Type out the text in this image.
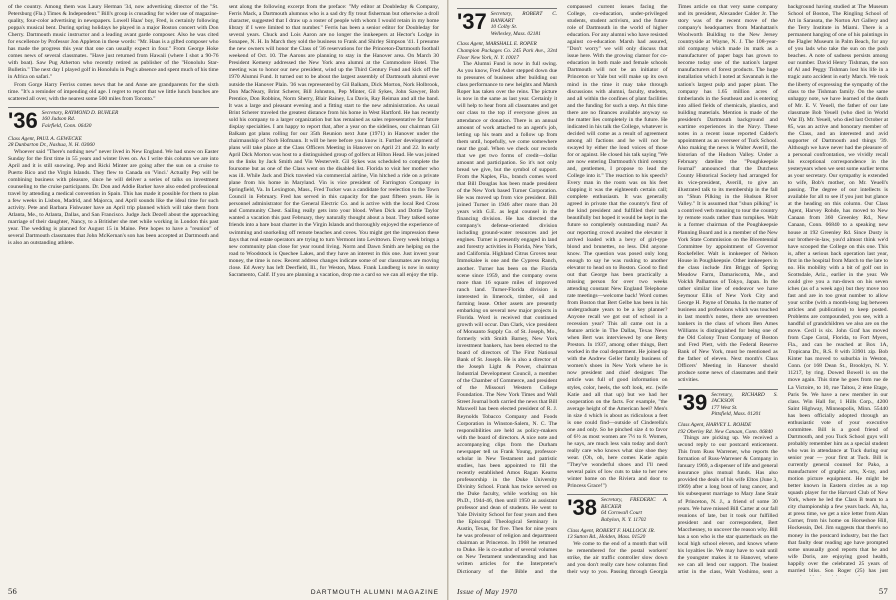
of the country. Among them was Laury Herman '34, now advertising director of the "St. Petersburg (Fla.) Times & Independent." Bill's group is crusading for wider use of magazine-quality, four-color advertising in newspapers. Lowell Haas' boy, Fred, is certainly following poppa's musical bent. During spring holidays he played in a major Boston concert with Don Cherry. Dartmouth music instructor and a leading avant garde composer. Also he was cited for excellence by Professor Jon Appleton in these words: "Mr. Haas is a gifted composer who has made the progress this year that one can usually expect in four." From George Hoke comes news of several classmates. "Have just returned from Hawaii (where I shot a 90-76 with boat). Saw Pug Atherton who recently retired as publisher of the "Honolulu Star-Bulletin." The next day I played golf in Honolulu in Pug's absence and spent much of his time in Africa on safari."

From Gorge Harry Ferriss comes news that he and Anne are grandparents for the sixth time. "It's a reminder of impending old age. I regret to report that we little lunch bunches are scattered all over, with the nearest some 500 miles from Toronto."

'36 Secretary, RAYMOND D. BUHLER
160 Judson Rd.
Fairfield, Conn. 06430
Class Agent, PAUL A. GEWECKE
28 Dunbarton Dr., Nashua, N. H. 03060

Whoever said "There's nothing new" never lived in New England. We had snow on Easter Sunday for the first time in 55 years and winter lives on. As I write this column we are into April and it is still snowing. Pep and Ricki Minter are going after the sun on a cruise to Puerto Rico and the Virgin Islands. They flew to Canada on 'Vinci.' Actually Pep will be combining business with pleasure, since he will deliver a series of talks on investment counseling to the cruise participants. Dr. Don and Addie Barker have also ended professional travel by attending a medical convention in Spain. This has made it possible for them to plan a few weeks in Lisbon, Madrid, and Majorca, and April sounds like the ideal time for such activity. Pete and Barbara Fishwater have an April trip planned which will take them from Atlanta, Me., to Atlanta, Dallas, and San Francisco. Judge Jack Dezell about the approaching marriage of their daughter, Nancy, to a Britisher she met while working in London this past year. The wedding is planned for August 15 in Maine. Pete hopes to have a "reunion" of several Dartmouth classmates that John McKernan's son has been accepted at Dartmouth and is also an outstanding athlete.

sent along the following excerpt from the preface: "My editor at Doubleday & Company, Ferris Mack, a Dartmouth alumnus who is a sad dry fly trout fisherman but otherwise a droll character, suggested that I draw up a roster of people with whom I would retain in my home library if I were limited to that number." Ferris has been a senior editor for Doubleday for several years. Chuck and Lois Aaron are no longer the innkeepers at Hector's Lodge in Sonapee, N. H. In March they sold the business to Frank and Shirley Simpson '41. I presume the new owners will honor the Class of '36 reservations for the Princeton-Dartmouth football weekend of Oct. 10. The Aarons are planning to stay in the Hanover area. On March 30 President Kemeny addressed the New York area alumni at the Commodore Hotel. The meeting was to honor our new president, wind up the Third Century Fund and kick off the 1970 Alumni Fund. It turned out to be about the largest assembly of Dartmouth alumni ever outside the Hanover Plain. '36 was represented by Gil Balkam, Dick Morton, Nork Holbrook, Don MacNeary, Brint Scherer, Bill Johnston, Pep Minter, Gil Sykes, John Sawyer, Bob Prentice, Don Robbins, Norm Sherry, Blair Rainey, Lu Davis, Ray Reiman and all the band. It was a large and pleasant evening and a fitting start to the new administration. As usual Brint Scherer traveled the greatest distance from his home in West Hartford. He has recently sold his company to a larger organization but has remained as sales representative for future display specialties. I am happy to report that, after a year on the sidelines, our chairman Gil Balkam got plans rolling for our 35th Reunion next June (1971) in Hanover under the chairmanship of Norb Hofmann. It will be here before you know it. Further development of plans will take place at the Class Officers Meeting in Hanover on April 21 and 22. In early April Dick Morton was host to a distinguished group of golfers at Hilton Head. He was joined on the links by Jack Smith and Vin Westervelt. Gil Sykes was scheduled to complete the foursome but as one of the Class went on the disabled list. Florida to visit her mother who was ill. While Jack and Dick traveled via commercial airline, Vin hitched a ride on a private plane from his home in Maryland. Vin is vice president of Farrington Company in Springfield, Va. In Lexington, Mass., Fred Tucker was a candidate for reelection to the Town Council in February. Fred has served in this capacity for the past fifteen years. He is personnel administrator for the General Electric Co. and is active with the local Red Cross and Community Chest. Sailing really gets into your blood. When Dick and Dottie Taylor wanted a vacation this past February, they naturally thought about a boat. They talked some friends into a bare boat charter in the Virgin Islands and thoroughly enjoyed the experience of swimming and snorkeling off remote beaches and coves. You might get the impression these days that real estate operators are trying to turn Vermont into Levittown. Every week brings a new community plan close for year round living. Norm and Dawn Smith are helping on the road to Woodstock is Quechee Lakes, and they have an interest in this one. Just invest your money, the time is now. Recent address changes indicate some of our classmates are moving close. Ed Avery has left Deerfield, Ill., for Weston, Mass. Frank Lundberg is now in sunny Sacramento, Calif. If you are planning a vacation, drop me a card so we can all enjoy the trip.

56	DARTMOUTH ALUMNI MAGAZINE
'37 Secretary, ROBERT C. BANKART
10 Colby St.
Wellesley, Mass. 02181
Class Agent, MARSHALL E. ROPER
Champion Packages Co. 245 Park Ave., 33rd Floor New York, N. Y. 10017

The Alumni Fund is now in full swing. As you know, Fred Asher stepped down due to pressures of business after building our class performance to new heights and Marsh Roper has taken over the reins. The picture is now in the same as last year. Certainly it will help to hear from all classmates and get our class to the top if everyone gives an attendance or donation. There is an annual amount of work attached to an agent's job, letting up his team and a follow up from them until, hopefully, we come somewhere near the goal. When we check our records that we get two forms of credit—dollar amount and participation. So it's not only bread we give, but the symbol of support. From the Naples, Fla., branch comes word that Bill Douglas has been made president of the New York based Turner Corporation. He was moved up from vice president. Bill joined Turner in 1946 after more than 20 years with G.E. as legal counsel in the financing division. He has directed the company's defense-oriented division including ground-water resources and jet engines. Turner is presently engaged in land and forestry activities in Florida, New York, and California. Highland Citrus Groves near Immokalee is one and the Cypress Ranch, another. Turner has been on the Florida scene since 1959, and the company owns more than 16 square miles of improved ranch land. Turner-Florida division is interested in limerock, timber, oil and farming lease. Other assets are presently embarking on several new major projects in Florida. Word is received that continued growth will occur. Dan Clark, vice president of Monsanto Supply Co. of St. Joseph, Mo., formerly with Smith Barney, New York investment bankers, has been elected to the board of directors of The First National Bank of St. Joseph. He is also a director of the Joseph Light & Power, chairman Industrial Development Council, a member of the Chamber of Commerce, and president of the Missouri Western College Foundation. The New York Times and Wall Street Journal both carried the news that Bill Maxwell has been elected president of R. J. Reynolds Tobacco Company and Foods Corporation in Winston-Salem, N. C. The responsibilities are held as policy-makers with the board of directors. A nice note and accompanying clips from the Durham newspaper tell us Frank Young, professor-scholar in New Testament and patristic studies, has been appointed to fill the recently established Amos Ragan Kearns professorship in the Duke University Divinity School. Frank has twice served on the Duke faculty, while working on his Ph.D., 1944-46, then until 1950 as assistant professor and dean of students. He went to Yale Divinity School for four years and then the Episcopal Theological Seminary in Austin, Texas, for five. Then for nine years he was professor of religion and department chairman at Princeton. In 1968 he returned to Duke. He is co-author of several volumes on New Testament understanding and has written articles for the Interpreter's Dictionary of the Bible and the

compassed current issues facing the College, co-education, under-privileged students, student activism, and the future role of Dartmouth in the world of higher education. For any alumni who have resisted against co-education Marsh had assured, "Don't worry" we will only discuss that issue here. With the growing clamor for co-education in both male and female schools Dartmouth will not be an initiator of Princeton or Yale but will make up its own mind in the time it may take through discussions with alumni, faculty, students, and all within the confines of plant facilities and the funding for such a step. At this time there are no finances available anyway so the matter lies completely in the future. He indicated in his talk the College, whatever is decided will come as a result of agreement among all factions and he will not be swayed by either the loud voices of those for or against. He closed his talk saying "We are now entering Dartmouth's third century and, gentlemen, I propose to lead the College into it." The reaction to his speech? Every man in the room was on his feet clapping it was the eighteenth certain call; complete enthusiasm. It was generally agreed in private that the country's first of the kind president and fulfilled their task beautifully but hoped it would be kept in the future so completely outstanding man? As our reporting crowd awaited the elevator it arrived loaded with a bevy of girl-type blond and brunettes, no less. Did anyone know. The question was posed only long enough to say he was rushing to another elevator to head on to Boston. Good to find out that George has been practically a missing person for over two weeks attending constant New England Telephone rate meetings—welcome back! Word comes from Boston that Bert Gelbe has been in his undergraduate years to be a key planner? Anyone recall we got out of school in a recession year? This all came out in a feature article in The Dallas, Texas News when Bert was interviewed by one Betty Preston. In 1937, among other things, Bert worked in the coal department. He joined up with the Andrew Geller family business of women's shoes in New York where he is now president and chief designer. The article was full of good information on styles, color, heels, the soft look, etc. (wife Katie and all that up) but we had her cooperation on the facts. For example, "the average height of the American heel? Men's in size 4 which is about as ridiculous a feet is one could find—outside of Cinderella's one and only. So he pinched size 4 to favor of 6½ as most women are 7½ to 8. Women, he says, are much less vain today and don't really care who knows what size shoe they wear. (Oh, oh, here comes Katie again "They've wonderful shoes and I'll need several pairs of low cuts to take to her new winter home on the Riviera and door to Princess Grace!")

'38 Secretary, FREDERIC A. BECKER
64 Cornwall Court
Babylon, N. Y. 11702
Class Agent, ROBERT F. HALLOCK JR.
13 Sutton Rd., Holden, Mass. 01520

We come to the end of a month that will be remembered for the postal workers' strike, the air traffic controller slow down and you don't really care how columns find their way to you. Passing through Georgia

Times article on that very same company and its president, Alexander Calder Jr. The story was of the recent move of the company's headquarters from Manhattan's Woolworth Building to the New Jersey countryside at Wayne, N. J. The 108-year-old company which made its mark as a manufacturer of paper bags has grown to become today one of the nation's largest manufacturers of forest products. The huge installation which I noted at Savannah is the nation's largest pulp and paper plant. The company has 1.65 million acres of timberlands in the Southeast and is entering into allied fields of chemicals, plastics, and building materials. Mention is made of the president's Dartmouth background and wartime experiences in the Navy. These notes in a recent issue reported Calder's appointment as an overseer of Tuck School. Also making the news is Walter Averill, the historian of the Hudson Valley. Under a February dateline the "Poughkeepsie Journal" announced that the Dutchess County Historical Society had arranged for its vice-president, Averill, to give an illustrated talk to its membership in the fall on "Shun Pilking in the Hudson River Valley." It is assumed that "shun pilking" is a contrived verb meaning to tour the country by remote roads rather than turnpikes. Walt is a former chairman of the Poughkeepsie Planning Board and is a member of the New York State Commission on the Bicentennial Committee by appointment of Governor Rockefeller. Walt is innkeeper of Nelson House in Poughkeepsie. Other innkeepers in the class include Jim Briggs of Spring Meadow Farm, Damariscotta, Me., and Volckh Palhamus of Tokyo, Japan. In the rather similar line of endeavor we have Seymour Ellis of New York City and George H. Payne of Omaha. In the matter of business and professions which was touched in last month's notes, there are seventeen bankers in the class of whom Ben Ames Williams is distinguished for being one of the Old Colony Trust Company of Boston and Fred Plett, with the Federal Reserve Bank of New York, must be mentioned as the father of eleven. Next month's Class Officers' Meeting in Hanover should produce some news of classmates and their activities.

'39 Secretary, RICHARD S. JACKSON
177 West St.
Pittsfield, Mass. 01201
Class Agent, HARVEY L. ROHDE
192 Oberley Rd. New Canaan, Conn. 06840

Things are picking up. We received a second reply to our postcard enticement. This from Russ Warrener, who reports the formation of Russ-Warrener & Company in January 1969, a dispenser of life and general insurance plus mutual funds. Has also provided the deals of his wife Eltos (June 3, 1969) after a long bout of lung cancer, and his subsequent marriage to Mary Jane Stair of Princeton, N. J., a friend of some 30 years. We have missed Bill Carter at our fall reunions of late, but it took our fulfilled president and our correspondent, Bert Macchesney, to uncover the reason why. Bill has a son who is the star quarterback on the local high school eleven, and knows where his loyalties lie. We may have to wait until the youngster makes it to Hanover, where we can all lend our support. The busiest artist in the class, Walt Yoshimo, sent a

background having studied at The Museum School of Boston, The Ringling School of Art in Sarasota, the Norton Art Gallery and the Terry Institute in Miami. There is a permanent hanging of one of his paintings in the Flagler Museum in Palm Beach, for any of you lads who take the sun on the posh beaches. A note of sadness persists among our number. David Henry Tishman, the son of Al and Peggy Tishman lost his life in a tragic auto accident in early March. We took the liberty of expressing the sympathy of the class to the Tishman family. On the same unhappy note, we have learned of the death of Mr. E. V. Yeuell, the father of our late classmate Bob Yeuell (who died in World War II). Mr. Yeuell, who died last October at 85, was an active and honorary member of the Class, and an interested and avid supporter of Dartmouth and things '39. Although we have never had the pleasure of a personal confrontation, we vividly recall his exceptional correspondence in the yesteryears when we sent some earlier terms as your secretary. Our sympathy is extended to wife, Bob's mother, on Mr. Yeuell's passing. The degree of our intellects is available for all to see if you just but glance at the heading on this column. Our Class Agent, Harvey Rohde, has moved to New Canaan from 360 Greenley Rd., New Canaan, Conn. 06840 to a speaking new house at 192 Greenley Rd. Since Dusty is our brother-in-law, you'd almost think we'd have scooped the College on this one. This is, after a serious back operation last year, first in the hospital from March to the late to no. His mobility with a bit of golf out in Scottsdale, Ariz., earlier in the year. We could give you a run-down on his seven iches (as of a week ago) but they move too fast and are in too great number to allow your scribe (with a month-long lag between articles and publication) to keep posted. Problems are compounded, you see, with a handful of grandchildren we also are on the move. Cecil is six. John Graf has moved from Cape Coral, Florida, to Fort Myers, Fla., and can be reached at Box 1A, Tropicana Dr., R.S. 8 with 33901 zip. Bob Kinter has moved to suburbia in Weston, Conn. (or 168 Dean St., Brooklyn, N. Y. 11217, by ring. Dowed Bowell is on the move again. This time he goes from rue de La Victoire, to 10, rue Taitou, 2 ème Etage, Paris 9e. We have a new member in our class. Win Hall for, 1 Hills Corp., 4200 Saint Highway, Minneapolis, Minn. 55440 has been officially adopted through an enthusiastic vote of your executive committee. Bill is a good friend of Dartmouth, and you Tuck School guys will probably remember him as a special student who was in attendance at Tuck during our senior year — your first at Tuck. Bill is currently general counsel for Pako, a manufacturer of graphic arts, X-ray, and motion picture equipment. He might be better known in Eastern circles as a top squash player for the Harvard Club of New York, where he led the Class B team to a city championship a few years back. Ah, ha, at press time, we get a nice letter from Alan Corner, from his home on Horseshoe Hill, Hockessin, Del. Jim suggests that there's no money in the postcard industry, but the fact that faulty dear reading age have prompted some unusually good reports that he and wife Doris, are enjoying good health, happily over the celebrated 25 years of married bliss. Son Roger (25) has just

Issue of May 1970	57
